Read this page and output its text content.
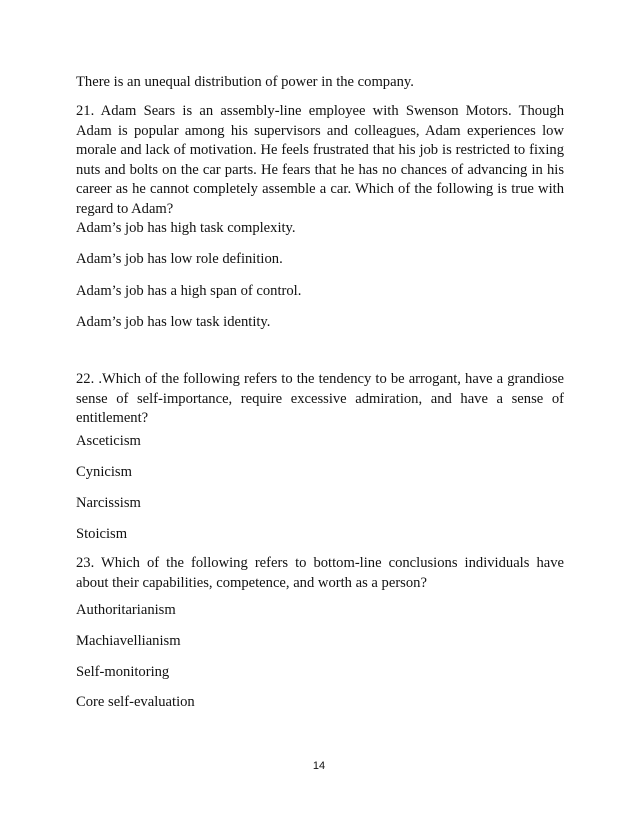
There is an unequal distribution of power in the company.

21. Adam Sears is an assembly-line employee with Swenson Motors. Though Adam is popular among his supervisors and colleagues, Adam experiences low morale and lack of motivation. He feels frustrated that his job is restricted to fixing nuts and bolts on the car parts. He fears that he has no chances of advancing in his career as he cannot completely assemble a car. Which of the following is true with regard to Adam?

Adam’s job has high task complexity.

Adam’s job has low role definition.

Adam’s job has a high span of control.

Adam’s job has low task identity.

22. .Which of the following refers to the tendency to be arrogant, have a grandiose sense of self-importance, require excessive admiration, and have a sense of entitlement?

Asceticism

Cynicism

Narcissism

Stoicism

23. Which of the following refers to bottom-line conclusions individuals have about their capabilities, competence, and worth as a person?

Authoritarianism

Machiavellianism

Self-monitoring

Core self-evaluation

14
